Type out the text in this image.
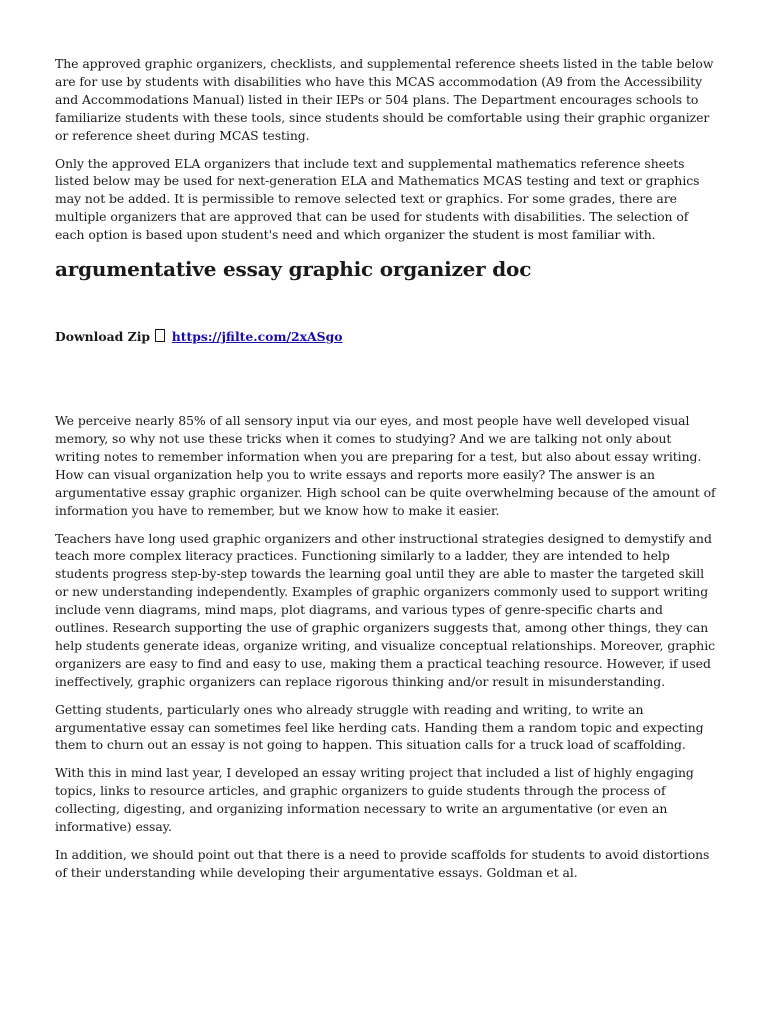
The approved graphic organizers, checklists, and supplemental reference sheets listed in the table below are for use by students with disabilities who have this MCAS accommodation (A9 from the Accessibility and Accommodations Manual) listed in their IEPs or 504 plans. The Department encourages schools to familiarize students with these tools, since students should be comfortable using their graphic organizer or reference sheet during MCAS testing.

Only the approved ELA organizers that include text and supplemental mathematics reference sheets listed below may be used for next-generation ELA and Mathematics MCAS testing and text or graphics may not be added. It is permissible to remove selected text or graphics. For some grades, there are multiple organizers that are approved that can be used for students with disabilities. The selection of each option is based upon student's need and which organizer the student is most familiar with.

argumentative essay graphic organizer doc
Download Zip https://jfilte.com/2xASgo

We perceive nearly 85% of all sensory input via our eyes, and most people have well developed visual memory, so why not use these tricks when it comes to studying? And we are talking not only about writing notes to remember information when you are preparing for a test, but also about essay writing. How can visual organization help you to write essays and reports more easily? The answer is an argumentative essay graphic organizer. High school can be quite overwhelming because of the amount of information you have to remember, but we know how to make it easier.

Teachers have long used graphic organizers and other instructional strategies designed to demystify and teach more complex literacy practices. Functioning similarly to a ladder, they are intended to help students progress step-by-step towards the learning goal until they are able to master the targeted skill or new understanding independently. Examples of graphic organizers commonly used to support writing include venn diagrams, mind maps, plot diagrams, and various types of genre-specific charts and outlines. Research supporting the use of graphic organizers suggests that, among other things, they can help students generate ideas, organize writing, and visualize conceptual relationships. Moreover, graphic organizers are easy to find and easy to use, making them a practical teaching resource. However, if used ineffectively, graphic organizers can replace rigorous thinking and/or result in misunderstanding.

Getting students, particularly ones who already struggle with reading and writing, to write an argumentative essay can sometimes feel like herding cats. Handing them a random topic and expecting them to churn out an essay is not going to happen. This situation calls for a truck load of scaffolding.

With this in mind last year, I developed an essay writing project that included a list of highly engaging topics, links to resource articles, and graphic organizers to guide students through the process of collecting, digesting, and organizing information necessary to write an argumentative (or even an informative) essay.

In addition, we should point out that there is a need to provide scaffolds for students to avoid distortions of their understanding while developing their argumentative essays. Goldman et al.
